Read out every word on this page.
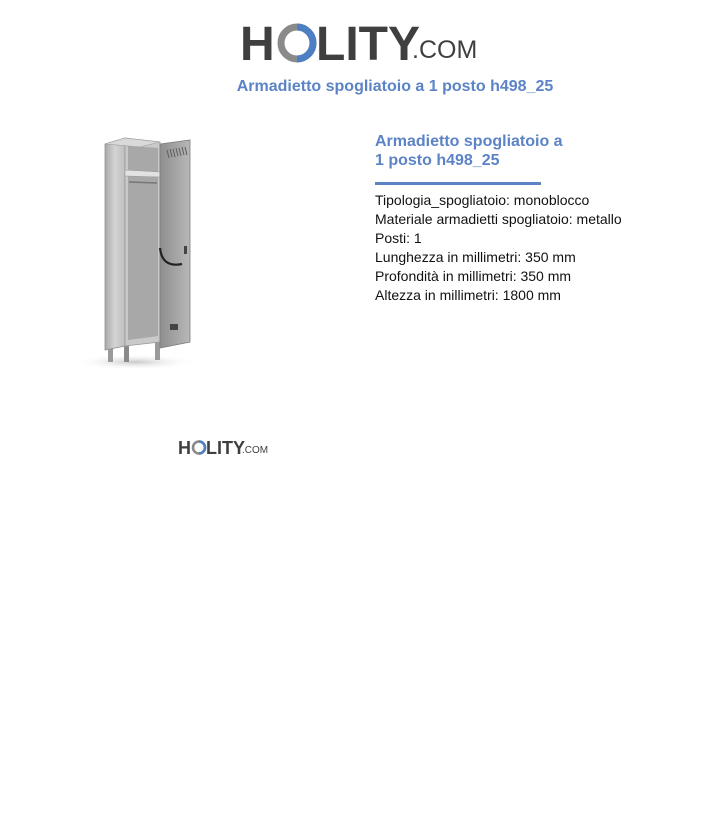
H LITY
.COM
Armadietto spogliatoio a 1 posto h498_25
Armadietto spogliatoio a 1 posto h498_25
Tipologia_spogliatoio: monoblocco
Materiale armadietti spogliatoio: metallo
Posti: 1
Lunghezza in millimetri: 350 mm
Profondità in millimetri: 350 mm
Altezza in millimetri: 1800 mm
H LITY
.COM
